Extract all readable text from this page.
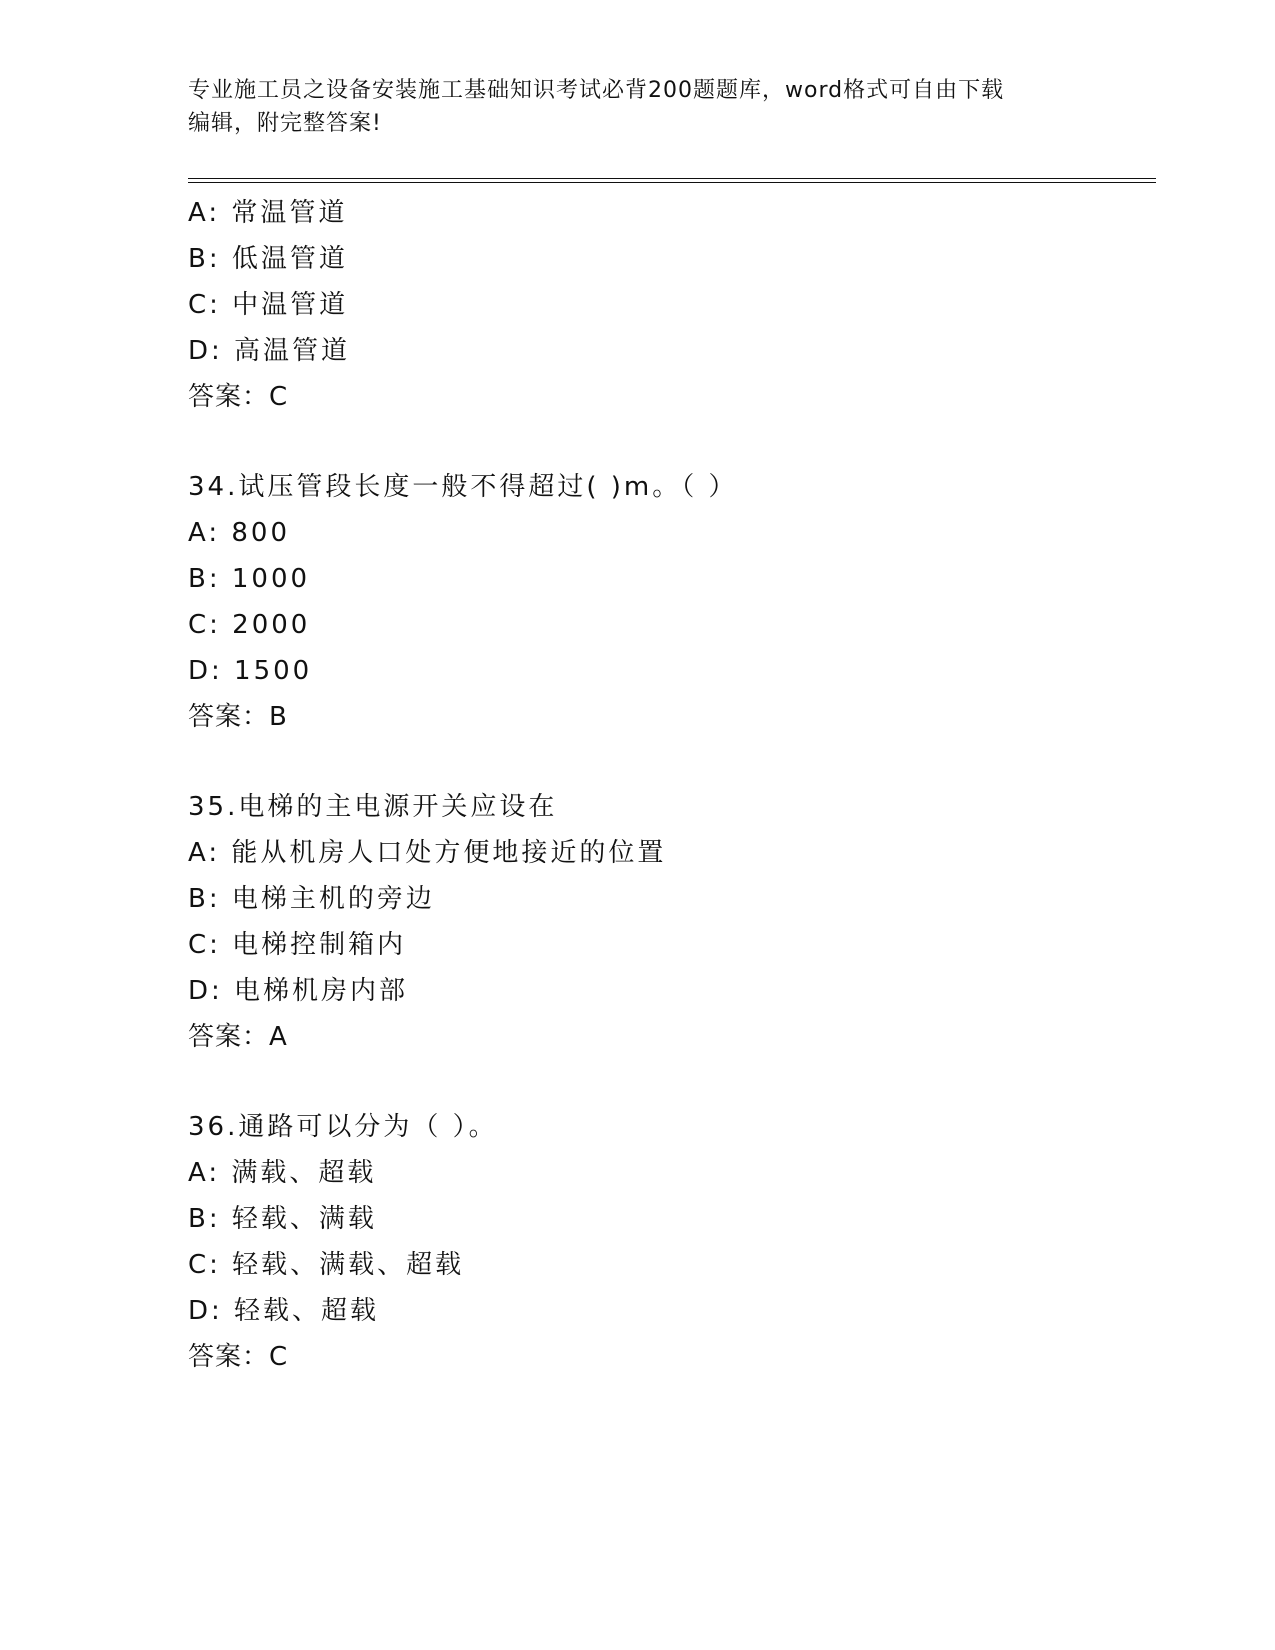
专业施工员之设备安装施工基础知识考试必背200题题库，word格式可自由下载
编辑，附完整答案!
A: 常温管道
B: 低温管道
C: 中温管道
D: 高温管道
答案：C
34.试压管段长度一般不得超过( )m。（ ）
A: 800
B: 1000
C: 2000
D: 1500
答案：B
35.电梯的主电源开关应设在
A: 能从机房人口处方便地接近的位置
B: 电梯主机的旁边
C: 电梯控制箱内
D: 电梯机房内部
答案：A
36.通路可以分为（ ）。
A: 满载、超载
B: 轻载、满载
C: 轻载、满载、超载
D: 轻载、超载
答案：C
